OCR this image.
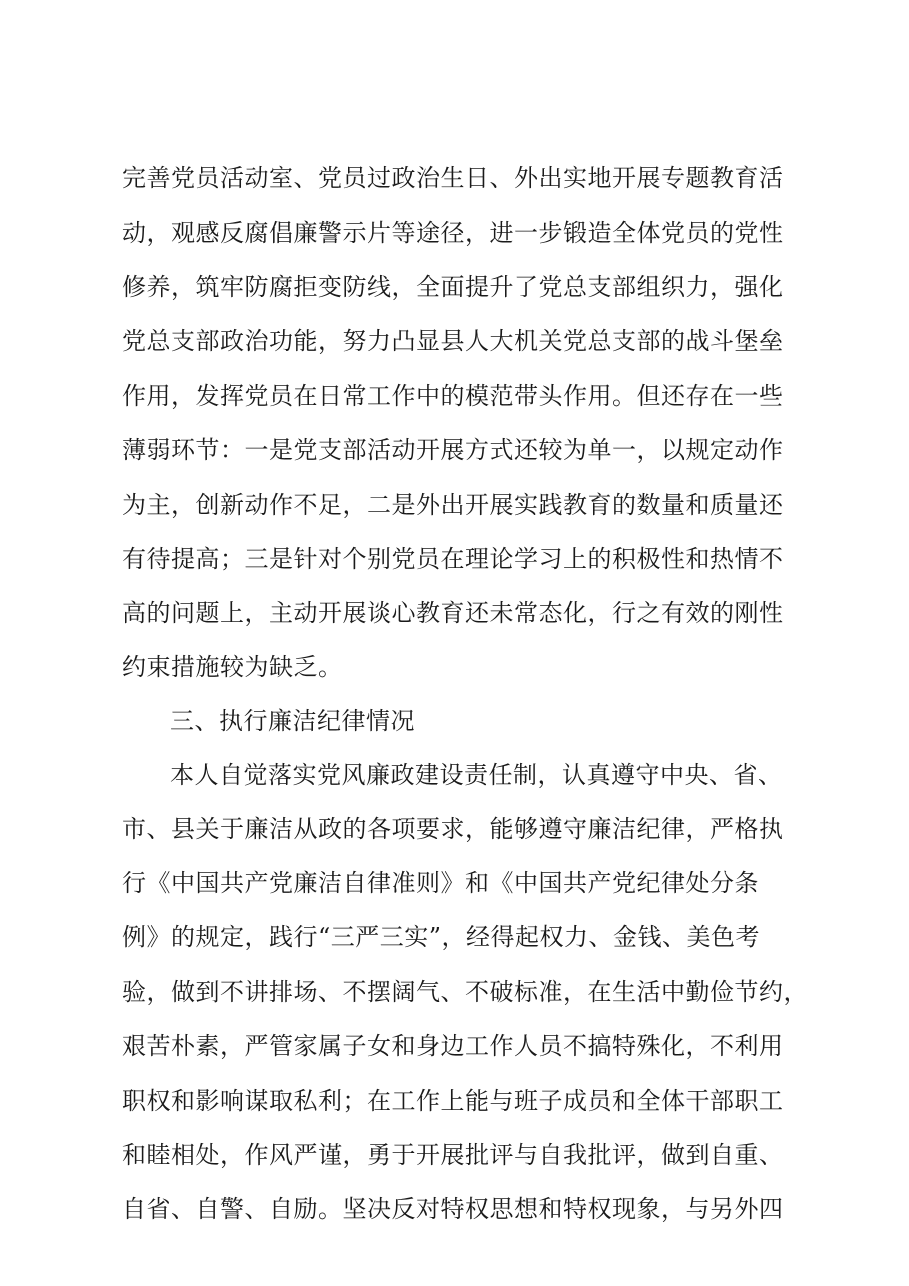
完善党员活动室、党员过政治生日、外出实地开展专题教育活
动，观感反腐倡廉警示片等途径，进一步锻造全体党员的党性
修养，筑牢防腐拒变防线，全面提升了党总支部组织力，强化
党总支部政治功能，努力凸显县人大机关党总支部的战斗堡垒
作用，发挥党员在日常工作中的模范带头作用。但还存在一些
薄弱环节：一是党支部活动开展方式还较为单一，以规定动作
为主，创新动作不足，二是外出开展实践教育的数量和质量还
有待提高；三是针对个别党员在理论学习上的积极性和热情不
高的问题上，主动开展谈心教育还未常态化，行之有效的刚性
约束措施较为缺乏。
三、执行廉洁纪律情况
本人自觉落实党风廉政建设责任制，认真遵守中央、省、
市、县关于廉洁从政的各项要求，能够遵守廉洁纪律，严格执
行《中国共产党廉洁自律准则》和《中国共产党纪律处分条
例》的规定，践行“三严三实”，经得起权力、金钱、美色考
验，做到不讲排场、不摆阔气、不破标准，在生活中勤俭节约，
艰苦朴素，严管家属子女和身边工作人员不搞特殊化，不利用
职权和影响谋取私利；在工作上能与班子成员和全体干部职工
和睦相处，作风严谨，勇于开展批评与自我批评，做到自重、
自省、自警、自励。坚决反对特权思想和特权现象，与另外四
